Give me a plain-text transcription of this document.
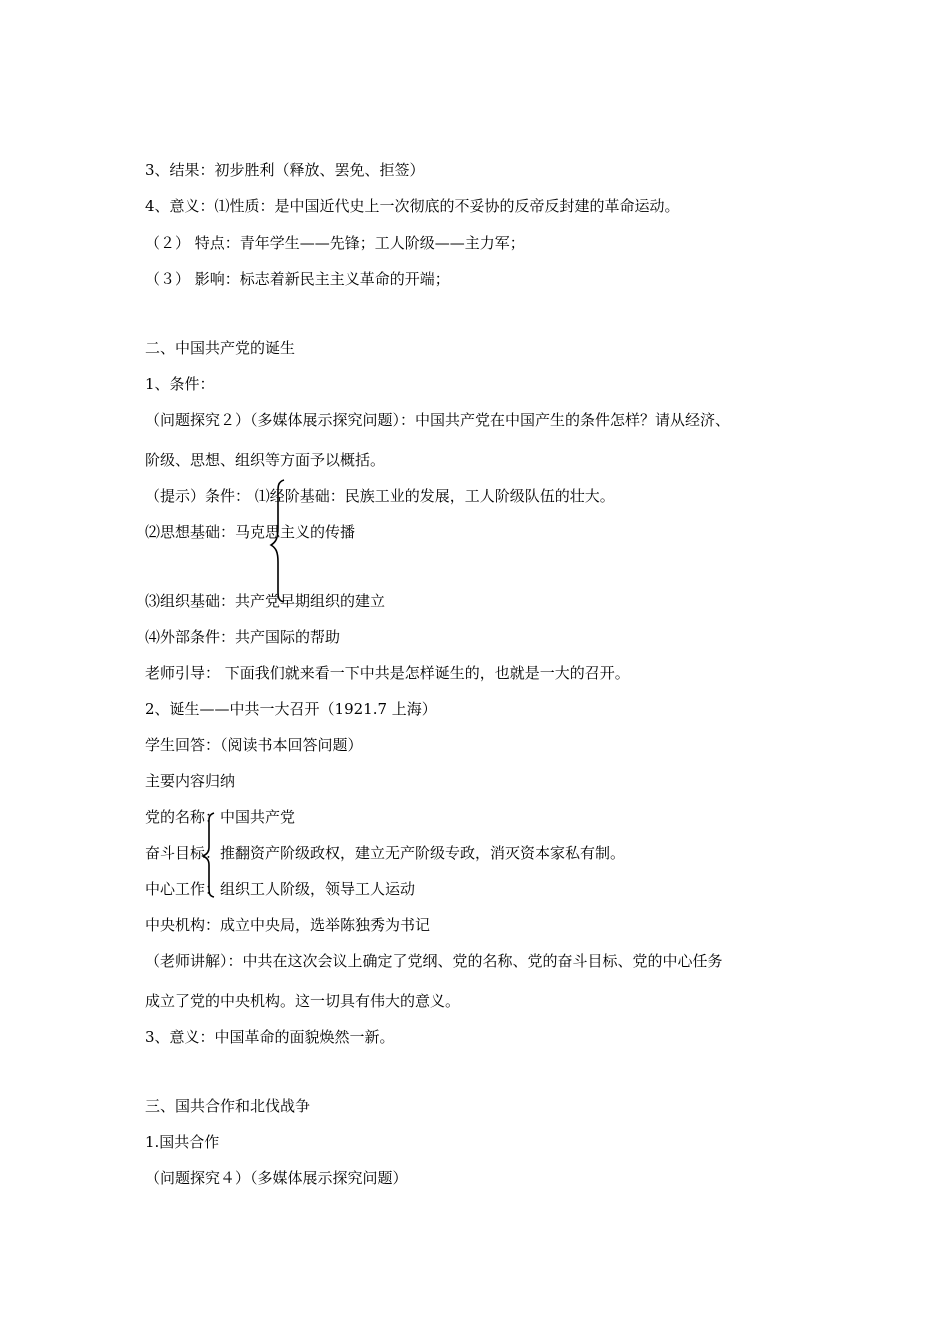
3、结果：初步胜利（释放、罢免、拒签）
4、意义：⑴性质：是中国近代史上一次彻底的不妥协的反帝反封建的革命运动。
（２） 特点：青年学生——先锋；工人阶级——主力军；
（３） 影响：标志着新民主主义革命的开端；
二、中国共产党的诞生
1、条件：
（问题探究２）（多媒体展示探究问题）：中国共产党在中国产生的条件怎样？请从经济、
阶级、思想、组织等方面予以概括。
（提示）条件： ⑴经阶基础：民族工业的发展，工人阶级队伍的壮大。
⑵思想基础：马克思主义的传播
⑶组织基础：共产党早期组织的建立
⑷外部条件：共产国际的帮助
老师引导： 下面我们就来看一下中共是怎样诞生的，也就是一大的召开。
2、诞生——中共一大召开（1921.7 上海）
学生回答：（阅读书本回答问题）
主要内容归纳
党的名称：中国共产党
奋斗目标：推翻资产阶级政权，建立无产阶级专政，消灭资本家私有制。
中心工作：组织工人阶级，领导工人运动
中央机构：成立中央局，选举陈独秀为书记
（老师讲解）：中共在这次会议上确定了党纲、党的名称、党的奋斗目标、党的中心任务
成立了党的中央机构。这一切具有伟大的意义。
3、意义：中国革命的面貌焕然一新。
三、国共合作和北伐战争
1.国共合作
（问题探究４）（多媒体展示探究问题）
